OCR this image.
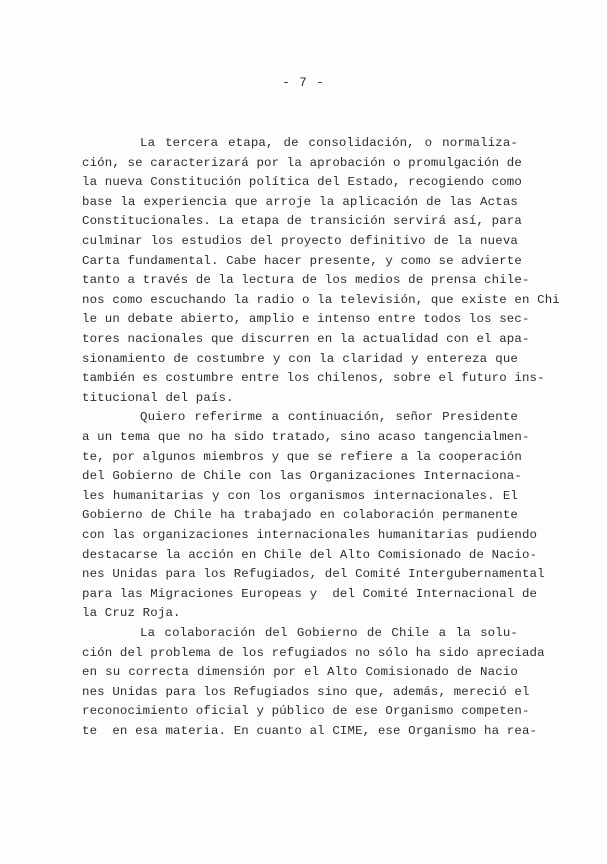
- 7 -
La tercera etapa, de consolidación, o normaliza-
ción, se caracterizará por la aprobación o promulgación de
la nueva Constitución política del Estado, recogiendo como
base la experiencia que arroje la aplicación de las Actas
Constitucionales. La etapa de transición servirá así, para
culminar los estudios del proyecto definitivo de la nueva
Carta fundamental. Cabe hacer presente, y como se advierte
tanto a través de la lectura de los medios de prensa chile-
nos como escuchando la radio o la televisión, que existe en Chi
le un debate abierto, amplio e intenso entre todos los sec-
tores nacionales que discurren en la actualidad con el apa-
sionamiento de costumbre y con la claridad y entereza que
también es costumbre entre los chilenos, sobre el futuro ins-
titucional del país.
Quiero referirme a continuación, señor Presidente
a un tema que no ha sido tratado, sino acaso tangencialmen-
te, por algunos miembros y que se refiere a la cooperación
del Gobierno de Chile con las Organizaciones Internaciona-
les humanitarias y con los organismos internacionales. El
Gobierno de Chile ha trabajado en colaboración permanente
con las organizaciones internacionales humanitarias pudiendo
destacarse la acción en Chile del Alto Comisionado de Nacio-
nes Unidas para los Refugiados, del Comité Intergubernamental
para las Migraciones Europeas y  del Comité Internacional de
la Cruz Roja.
La colaboración del Gobierno de Chile a la solu-
ción del problema de los refugiados no sólo ha sido apreciada
en su correcta dimensión por el Alto Comisionado de Nacio
nes Unidas para los Refugiados sino que, además, mereció el
reconocimiento oficial y público de ese Organismo competen-
te  en esa materia. En cuanto al CIME, ese Organismo ha rea-
